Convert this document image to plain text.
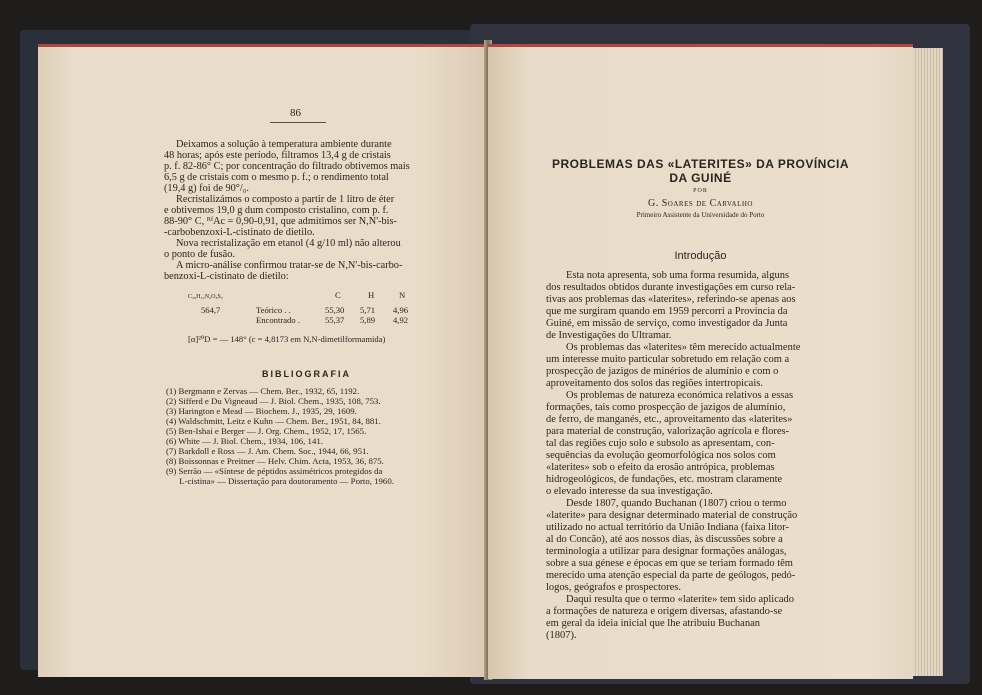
86
Deixamos a solução à temperatura ambiente durante
48 horas; após este período, filtramos 13,4 g de cristais
p. f. 82-86° C; por concentração do filtrado obtivemos mais
6,5 g de cristais com o mesmo p. f.; o rendimento total
(19,4 g) foi de 90°/₀.
Recristalizámos o composto a partir de 1 litro de éter
e obtivemos 19,0 g dum composto cristalino, com p. f.
88-90° C, ᴿᶠAc = 0,90-0,91, que admitimos ser N,N'-bis-
-carbobenzoxi-L-cistinato de dietilo.
Nova recristalização em etanol (4 g/10 ml) não alterou
o ponto de fusão.
A micro-análise confirmou tratar-se de N,N'-bis-carbo-
benzoxi-L-cistinato de dietilo:
C₂₆H₃₂N₂O₈S₂	C	H	N
564,7	Teórico . .	55,30 5,71 4,96
Encontrado .	55,37 5,89 4,92
[α]²⁰D = — 148° (c = 4,8173 em N,N-dimetilformamida)
BIBLIOGRAFIA
(1) Bergmann e Zervas — Chem. Ber., 1932, 65, 1192.
(2) Sifferd e Du Vigneaud — J. Biol. Chem., 1935, 108, 753.
(3) Harington e Mead — Biochem. J., 1935, 29, 1609.
(4) Waldschmitt, Leitz e Kuhn — Chem. Ber., 1951, 84, 881.
(5) Ben-Ishai e Berger — J. Org. Chem., 1952, 17, 1565.
(6) White — J. Biol. Chem., 1934, 106, 141.
(7) Barkdoll e Ross — J. Am. Chem. Soc., 1944, 66, 951.
(8) Boissonnas e Preitner — Helv. Chim. Acta, 1953, 36, 875.
(9) Serrão — «Síntese de péptidos assimétricos protegidos da
L-cistina» — Dissertação para doutoramento — Porto, 1960.
PROBLEMAS DAS «LATERITES» DA PROVÍNCIA
DA GUINÉ
POR
G. Soares de Carvalho
Primeiro Assistente da Universidade do Porto
Introdução
Esta nota apresenta, sob uma forma resumida, alguns
dos resultados obtidos durante investigações em curso rela-
tivas aos problemas das «laterites», referindo-se apenas aos
que me surgiram quando em 1959 percorri a Província da
Guiné, em missão de serviço, como investigador da Junta
de Investigações do Ultramar.
Os problemas das «laterites» têm merecido actualmente
um interesse muito particular sobretudo em relação com a
prospecção de jazigos de minérios de alumínio e com o
aproveitamento dos solos das regiões intertropicais.
Os problemas de natureza económica relativos a essas
formações, tais como prospecção de jazigos de alumínio,
de ferro, de manganés, etc., aproveitamento das «laterites»
para material de construção, valorização agrícola e flores-
tal das regiões cujo solo e subsolo as apresentam, con-
sequências da evolução geomorfológica nos solos com
«laterites» sob o efeito da erosão antrópica, problemas
hidrogeológicos, de fundações, etc. mostram claramente
o elevado interesse da sua investigação.
Desde 1807, quando Buchanan (1807) criou o termo
«laterite» para designar determinado material de construção
utilizado no actual território da União Indiana (faixa litor-
al do Concão), até aos nossos dias, às discussões sobre a
terminologia a utilizar para designar formações análogas,
sobre a sua génese e épocas em que se teriam formado têm
merecido uma atenção especial da parte de geólogos, pedó-
logos, geógrafos e prospectores.
Daqui resulta que o termo «laterite» tem sido aplicado
a formações de natureza e origem diversas, afastando-se
em geral da ideia inicial que lhe atribuiu Buchanan
(1807).
